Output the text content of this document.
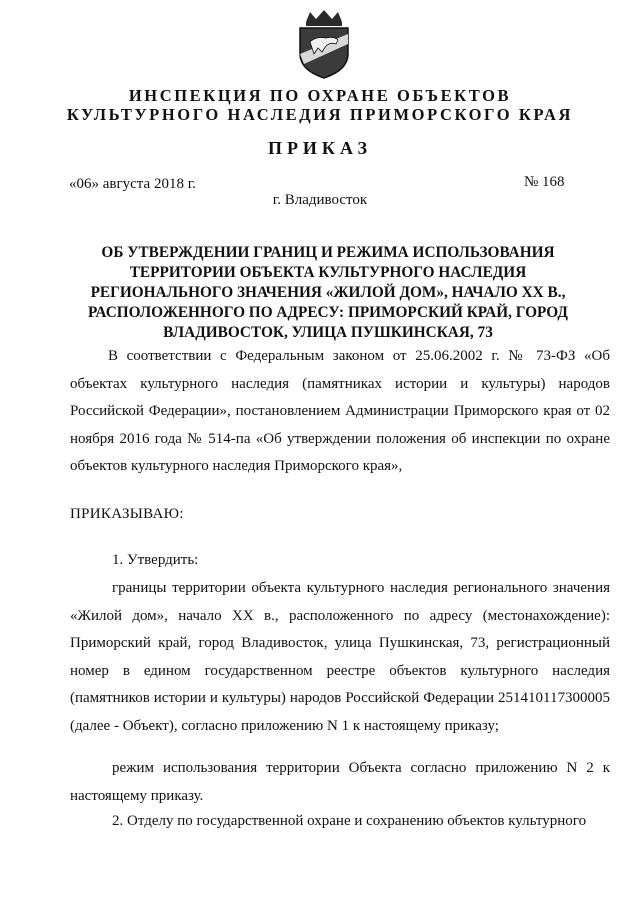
ИНСПЕКЦИЯ ПО ОХРАНЕ ОБЪЕКТОВ
КУЛЬТУРНОГО НАСЛЕДИЯ ПРИМОРСКОГО КРАЯ
ПРИКАЗ
«06» августа 2018 г.	№ 168
г. Владивосток
ОБ УТВЕРЖДЕНИИ ГРАНИЦ И РЕЖИМА ИСПОЛЬЗОВАНИЯ ТЕРРИТОРИИ ОБЪЕКТА КУЛЬТУРНОГО НАСЛЕДИЯ РЕГИОНАЛЬНОГО ЗНАЧЕНИЯ «ЖИЛОЙ ДОМ», НАЧАЛО XX В., РАСПОЛОЖЕННОГО ПО АДРЕСУ: ПРИМОРСКИЙ КРАЙ, ГОРОД ВЛАДИВОСТОК, УЛИЦА ПУШКИНСКАЯ, 73
В соответствии с Федеральным законом от 25.06.2002 г. № 73-ФЗ «Об объектах культурного наследия (памятниках истории и культуры) народов Российской Федерации», постановлением Администрации Приморского края от 02 ноября 2016 года № 514-па «Об утверждении положения об инспекции по охране объектов культурного наследия Приморского края»,
ПРИКАЗЫВАЮ:
1. Утвердить:
границы территории объекта культурного наследия регионального значения «Жилой дом», начало XX в., расположенного по адресу (местонахождение): Приморский край, город Владивосток, улица Пушкинская, 73, регистрационный номер в едином государственном реестре объектов культурного наследия (памятников истории и культуры) народов Российской Федерации 251410117300005 (далее - Объект), согласно приложению N 1 к настоящему приказу;
режим использования территории Объекта согласно приложению N 2 к настоящему приказу.
2. Отделу по государственной охране и сохранению объектов культурного
